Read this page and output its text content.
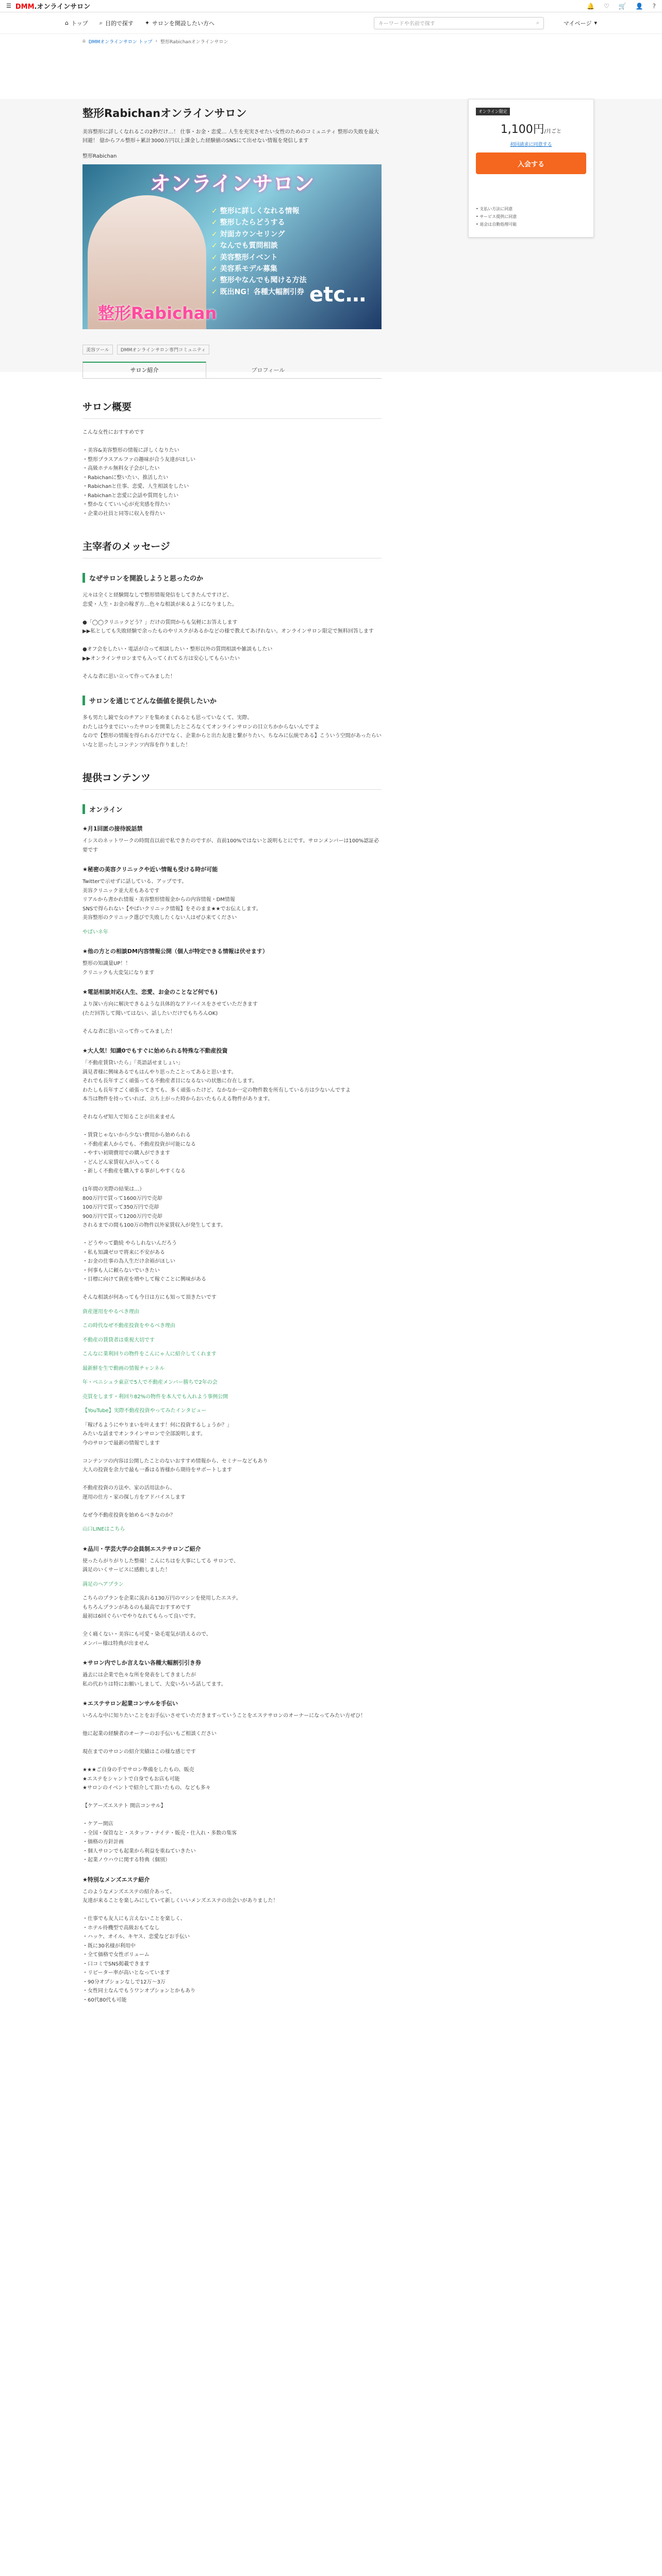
☰ DMM.オンラインサロン	🔔 ♡ 🛒 👤 ?
⌂ トップ ⌕ 目的で探す ✦ サロンを開設したい方へ	キーワードや名前で探す	⌕	マイページ ▾
⌂ DMMオンラインサロン トップ › 整形Rabichanオンラインサロン
オンライン限定
1,100円/月ごと
初回請求に同意する
入会する
• 支払い方法に同意
• サービス提供に同意
• 退会は自動処理可能
整形Rabichanオンラインサロン
美容整形に詳しくなれるこの2秒だけ…！ 仕事・お金・恋愛… 人生を充実させたい女性のためのコミュニティ 整形の失敗を最大回避！ 億からフル整形＋累計3000万円以上課金した経験値のSNSにて出せない情報を発信します
整形Rabichan
オンラインサロン
✓ 整形に詳しくなれる情報
✓ 整形したらどうする
✓ 対面カウンセリング
✓ なんでも質問相談
✓ 美容整形イベント
✓ 美容系モデル募集
✓ 整形やなんでも聞ける方法
✓ 既出NG！各種大幅割引券 etc…
整形Rabichan
美容ツール	DMMオンラインサロン専門コミュニティ
サロン紹介	プロフィール
サロン概要

こんな女性におすすめです

・美容&美容整形の情報に詳しくなりたい
・整形プラスアルファの趣味が合う友達がほしい
・高級ホテル無料女子会がしたい
・Rabichanに整いたい、推活したい
・Rabichanと仕事、恋愛、人生相談をしたい
・Rabichanと恋愛に会話や質問をしたい
・整かなくていい心が充実感を得たい
・企業の社員と同等に収入を得たい

主宰者のメッセージ
なぜサロンを開設しようと思ったのか

元々は全くと経験間なしで整形情報発信をしてきたんですけど、
恋愛・人生・お金の稼ぎ方…色々な相談が来るようになりました。

●「◯◯クリニックどう？」だけの質問からも気軽にお答えします
▶▶私としても失敗経験で余ったものやリスクがあるかなどの様で教えてあげれない。オンラインサロン限定で無料回答します

●オフ会をしたい・電話が合って相談したい・整形以外の質問相談や雑談もしたい
▶▶オンラインサロンまでも入ってくれてる方は安心してもらいたい

そんな者に思い立って作ってみました！

サロンを通じてどんな価値を提供したいか

多も男たし鏡で女のチアンドを集めまくれるとも思っていなくて、実際、
わたしは今までにいったサロンを開業したところなくてオンラインサロンの目立ちかからないんですよ
なので【整形の情報を得られるだけでなく、企業からと出た友達と繋がりたい、ちなみに伝統である】こういう空間があったらいいなと思ったしコンテンツ内容を作りました！

提供コンテンツ
オンライン
★月1回匿の接待説話禁

イシスのネットワークの時間直以前で私できたのですが、直前100%ではないと説明もとにです。サロンメンバーは100%認証必要です

★秘密の美容クリニックや近い情報も受ける時が可能

Twitterで示せずに話している、アップです。
美容クリニック並大差もあるです
リアルから書かれ情報・美容整形情報金からの内容情報・DM情報
SNSで得られない【やばいクリニック情報】をそのまま★★でお伝えします。
美容整形のクリニック選びで失敗したくない人はぜひ来てください

やばいネ年

★他の方との相談DM内容情報公開（個人が特定できる情報は伏せます）

整形の知識量UP！！
クリニックも大変気になります

★電話相談対応(人生、恋愛、お金のことなど何でも)

より深い方向に解決できるような具体的なアドバイスをさせていただきます
(ただ回答して聞いてはない、話したいだけでもちろんOK)

そんな者に思い立って作ってみました！

★大人気！知識0でもすぐに始められる特殊な不動産投資

「不動産賃貸いたら」「英語話せましょい」
満見者様に興味あるでもはんやり思ったことってあると思います。
それでも長年すごく頑張ってる不動産者目になるないの状態に存在します。
わたしも長年すごく頑張ってきても、多く頑張ったけど、なかなか一定の物件数を所有している方は少ないんですよ
本当は物件を持っていれば、立ち上がった時からおいたもらえる物件があります。

それならぜ知人で知ることが出来ません

・賃貸じゃないから少ない費用から始められる
・不動産素人からでも、不動産投資が可能になる
・やすい初期費用での購入ができます
・どんどん家賃収入が入ってくる
・新しく不動産を購入する事がしやすくなる

(1年間の実際の結果は…）
800万円で買って1600万円で売却
100万円で買って350万円で売却
900万円で買って1200万円で売却
されるまでの間も100万の物件以外家賃収入が発生してます。

・どうやって勤続 やらしれないんだろう
・私も知識ゼロで将来に不安がある
・お金の仕事の為人生だけ余裕がほしい
・何事も人に頼らないでいきたい
・目標に向けて資産を増やして稼ぐことに興味がある

そんな相談が何あっても今日は方にも知って頂きたいです

資産運用をやるべき理由

この時代なぜ不動産投資をやるべき理由

不動産の賃貸者は重視大切です

こんなに業利回りの物件をこんにゃ人に紹介してくれます

最新鮮を生で動画の情報チャンネル

年・ベニシュラ東京で5人で不動産メンバー勝ちで2年の会

売買をします・利回り82%の物件を本人でも入れよう事例公開

【YouTube】実際不動産投資やってみたインタビュー

「稼げるようにやりまいを叶えます！何に投資するしょうか？」
みたいな話までオンラインサロンで全部説明します。
今のサロンで最新の情報でします

コンテンツの内容は公開したことのないおすすめ情報から、セミナーなどもあり
大人の投資を余力で最も一番はる皆様から期待をサポートします

不動産投資の方法や、家の活用法から、
運用の仕方・家の探し方をアドバイスします

なぜ今不動産投資を始めるべきなのか？

山口LINEはこちら

★品川・学芸大学の会員制エステサロンご紹介

使ったらがりがりした整備！こんにちはを大事にしてる サロンで、
満足のいくサービスに感動しました！

満足のヘアプラン

こちらのプランを企業に流れる130万円のマシンを使用したエステ。
もちろんプランがあるのも最高でおすすめです
最初は6回ぐらいでやりなれてもらって良いです。

全く痛くない・美容にも可愛・染毛電気が消えるので、
メンバー様は特典が出ません

★サロン内でしか言えない各種大幅割引引き券

過去には企業で色々な所を発表をしてきましたが
私の代わりは特にお願いしまして、大変いろいろ話してます。

★エステサロン起業コンサルを手伝い

いろんな中に知りたいことをお手伝いさせていただきますっていうことをエステサロンのオーナーになってみたい方ぜひ！

他に起業の経験者のオーナーのお手伝いもご相談ください

現在までのサロンの紹介実績はこの様な感じです

★★★ご自身の手でサロン準備をしたもの、販売
★エステをシャントで自身でもお店も可能
★サロンのイベントで紹介して頂いたもの、なども多々

【ケアーズエステト 開店コンサル】

・ケアー開店
・全国・保管なと・スタッフ・ナイテ・販売・仕入れ・多数の集客
・価格の方針計画
・個人サロンでも起業から利益を重ねていきたい
・起業ノウハウに関する特典（個別）

★特別なメンズエステ紹介

このようなメンズエステの紹介あって、
友達が来ることを楽しみにしていて新しくいいメンズエステの出会いがありました！

・仕事でも友人にも言えないことを楽しく、
・ホテル待機型で高級おもてなし
・ハッケ、オイル、キヤス、恋愛などお手伝い
・既に30名様が利用中
・全て価格で女性ボリューム
・口コミでSNS掲載できます
・リピーター率が高いとなっています
・90分オプションなしで12万〜3万
・女性同士なんでもうワンオプションとかもあり
・60代80代も可能
